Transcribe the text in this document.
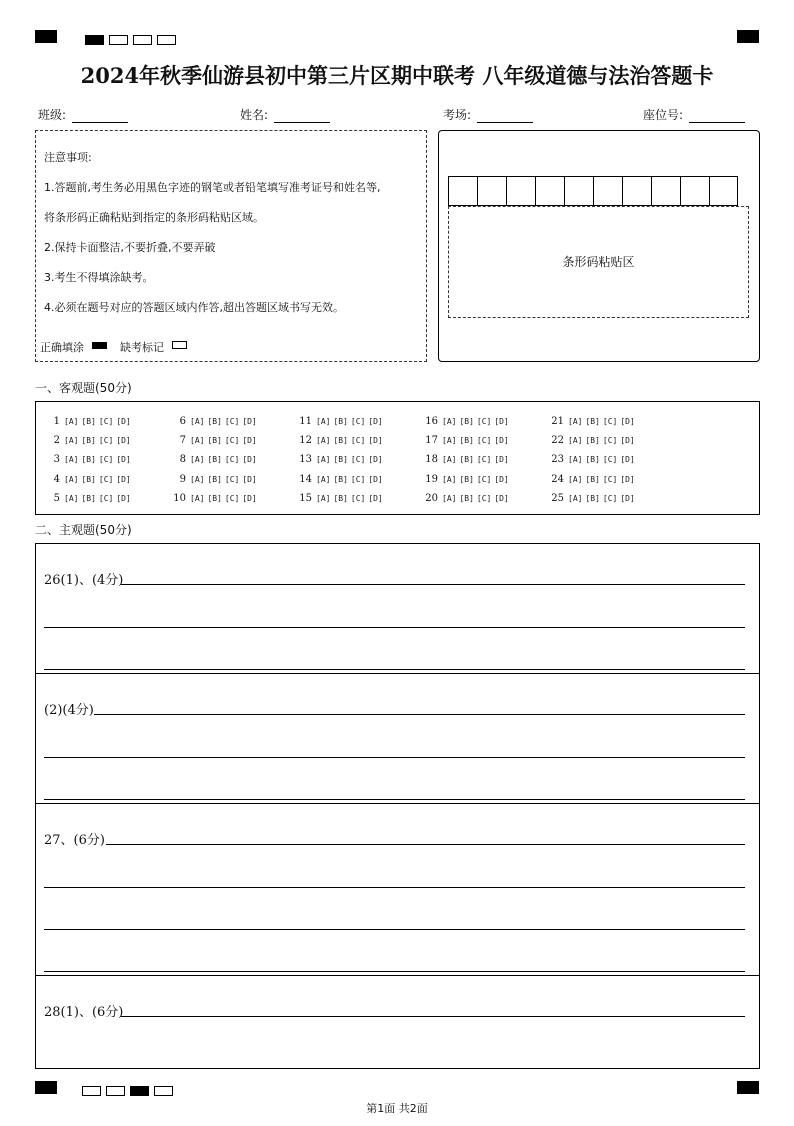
2024年秋季仙游县初中第三片区期中联考 八年级道德与法治答题卡
班级:	姓名:	考场:	座位号:
注意事项:
1.答题前,考生务必用黑色字迹的钢笔或者铅笔填写准考证号和姓名等,
将条形码正确粘贴到指定的条形码粘贴区域。
2.保持卡面整洁,不要折叠,不要弄破
3.考生不得填涂缺考。
4.必须在题号对应的答题区域内作答,超出答题区域书写无效。
正确填涂	缺考标记
条形码粘贴区
一、客观题(50分)
1 [A] [B] [C] [D]
2 [A] [B] [C] [D]
3 [A] [B] [C] [D]
4 [A] [B] [C] [D]
5 [A] [B] [C] [D]
6 [A] [B] [C] [D]
7 [A] [B] [C] [D]
8 [A] [B] [C] [D]
9 [A] [B] [C] [D]
10 [A] [B] [C] [D]
11 [A] [B] [C] [D]
12 [A] [B] [C] [D]
13 [A] [B] [C] [D]
14 [A] [B] [C] [D]
15 [A] [B] [C] [D]
16 [A] [B] [C] [D]
17 [A] [B] [C] [D]
18 [A] [B] [C] [D]
19 [A] [B] [C] [D]
20 [A] [B] [C] [D]
21 [A] [B] [C] [D]
22 [A] [B] [C] [D]
23 [A] [B] [C] [D]
24 [A] [B] [C] [D]
25 [A] [B] [C] [D]
二、主观题(50分)
26(1)、(4分)
(2)(4分)
27、(6分)
28(1)、(6分)
第1面 共2面
